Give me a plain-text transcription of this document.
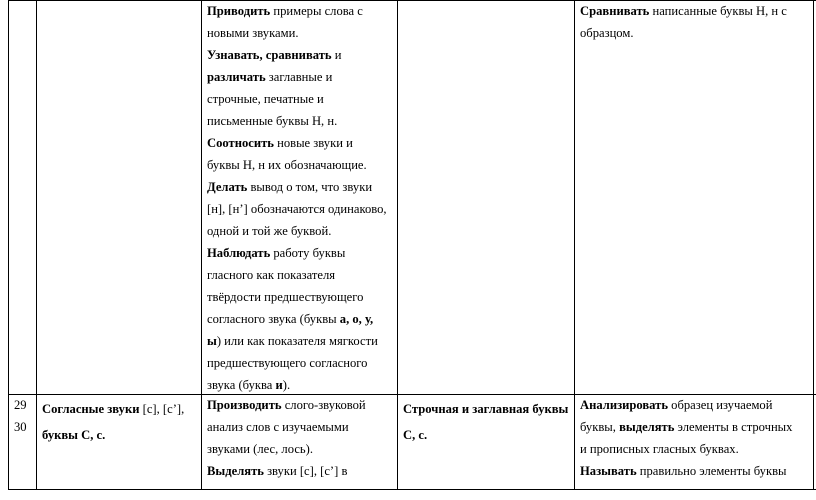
Приводить примеры слова с
новыми звуками.
Узнавать, сравнивать и
различать заглавные и
строчные, печатные и
письменные буквы Н, н.
Соотносить новые звуки и
буквы Н, н их обозначающие.
Делать вывод о том, что звуки
[н], [н’] обозначаются одинаково,
одной и той же буквой.
Наблюдать работу буквы
гласного как показателя
твёрдости предшествующего
согласного звука (буквы а, о, у,
ы) или как показателя мягкости
предшествующего согласного
звука (буква и).
Сравнивать написанные буквы Н, н с
образцом.
29
30
Согласные звуки [с], [с’],
буквы С, с.
Производить слого-звуковой
анализ слов с изучаемыми
звуками (лес, лось).
Выделять звуки [с], [с’] в
Строчная и заглавная буквы
С, с.
Анализировать образец изучаемой
буквы, выделять элементы в строчных
и прописных гласных буквах.
Называть правильно элементы буквы
